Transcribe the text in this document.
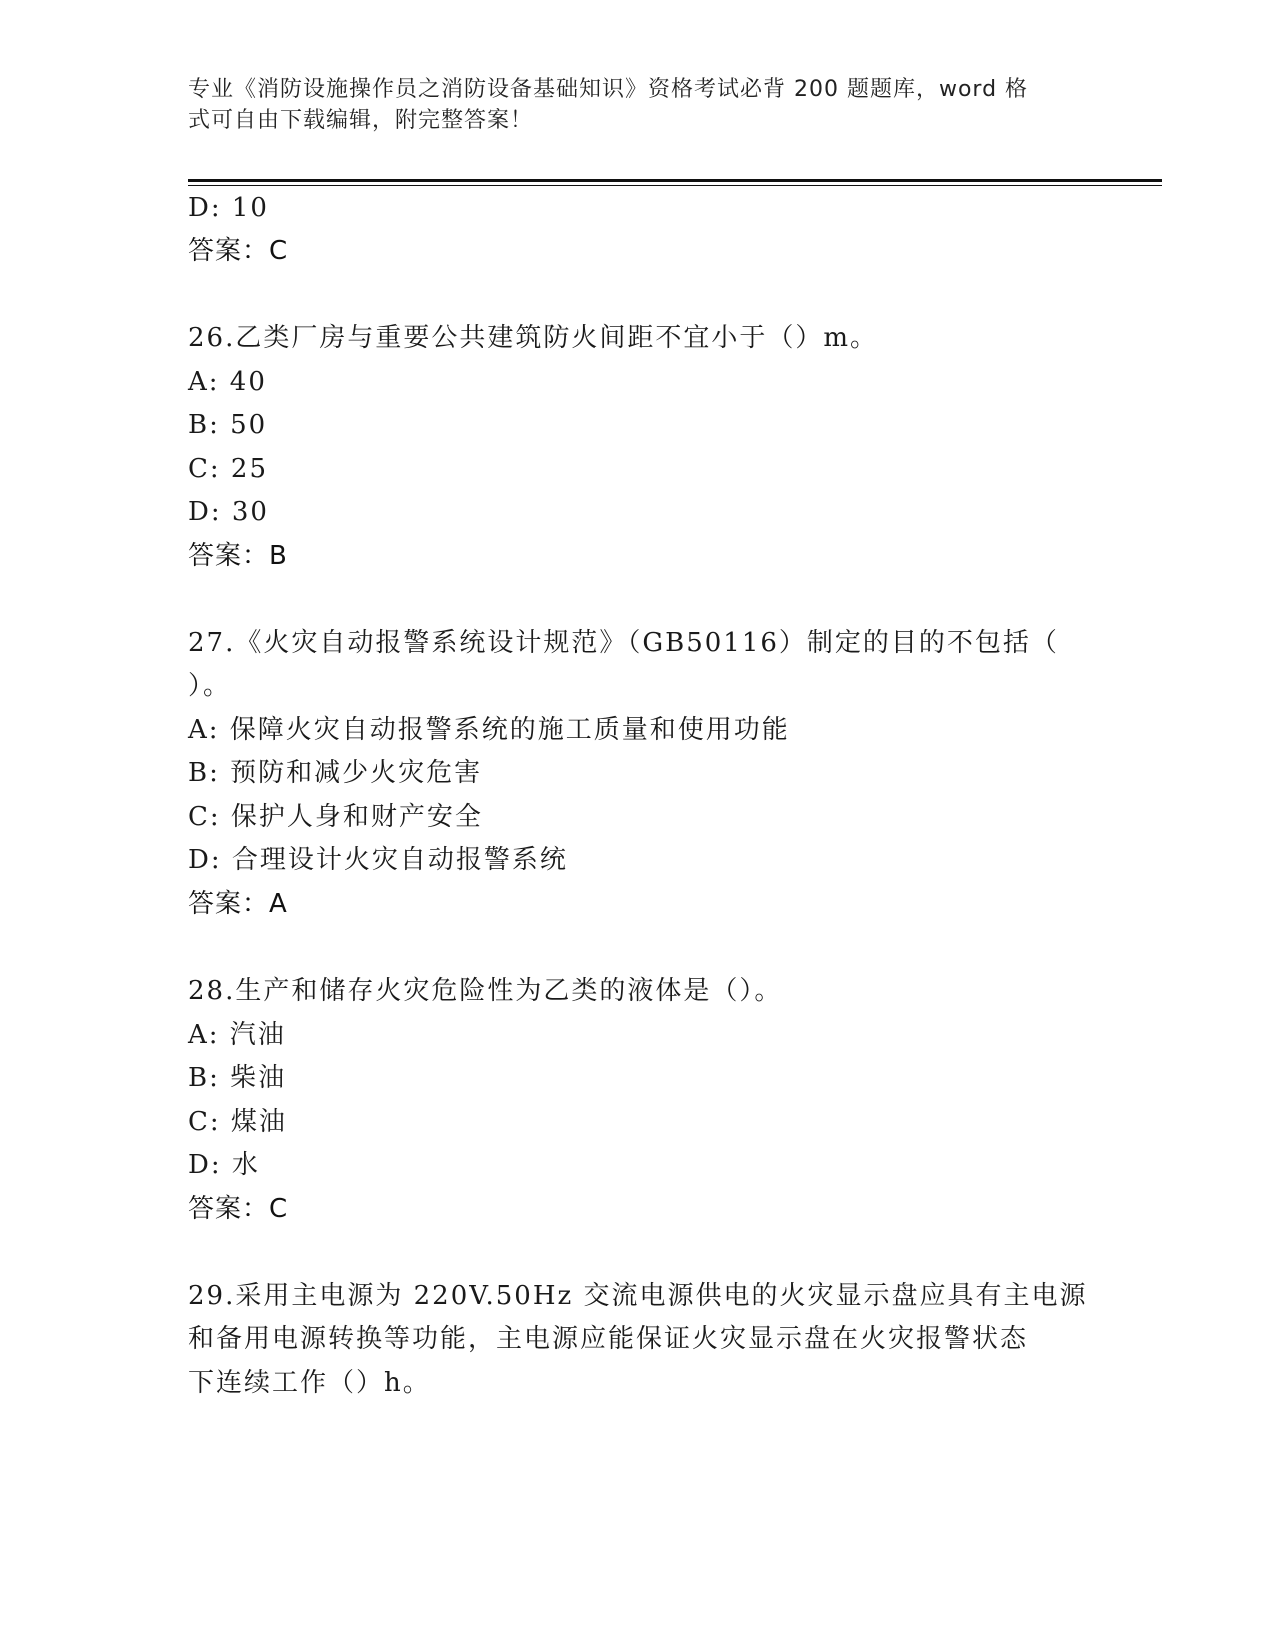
专业《消防设施操作员之消防设备基础知识》资格考试必背 200 题题库，word 格
式可自由下载编辑，附完整答案！
D: 10
答案：C
26.乙类厂房与重要公共建筑防火间距不宜小于（）m。
A: 40
B: 50
C: 25
D: 30
答案：B
27.《火灾自动报警系统设计规范》（GB50116）制定的目的不包括（
）。
A: 保障火灾自动报警系统的施工质量和使用功能
B: 预防和减少火灾危害
C: 保护人身和财产安全
D: 合理设计火灾自动报警系统
答案：A
28.生产和储存火灾危险性为乙类的液体是（）。
A: 汽油
B: 柴油
C: 煤油
D: 水
答案：C
29.采用主电源为 220V.50Hz 交流电源供电的火灾显示盘应具有主电源
和备用电源转换等功能，主电源应能保证火灾显示盘在火灾报警状态
下连续工作（）h。
